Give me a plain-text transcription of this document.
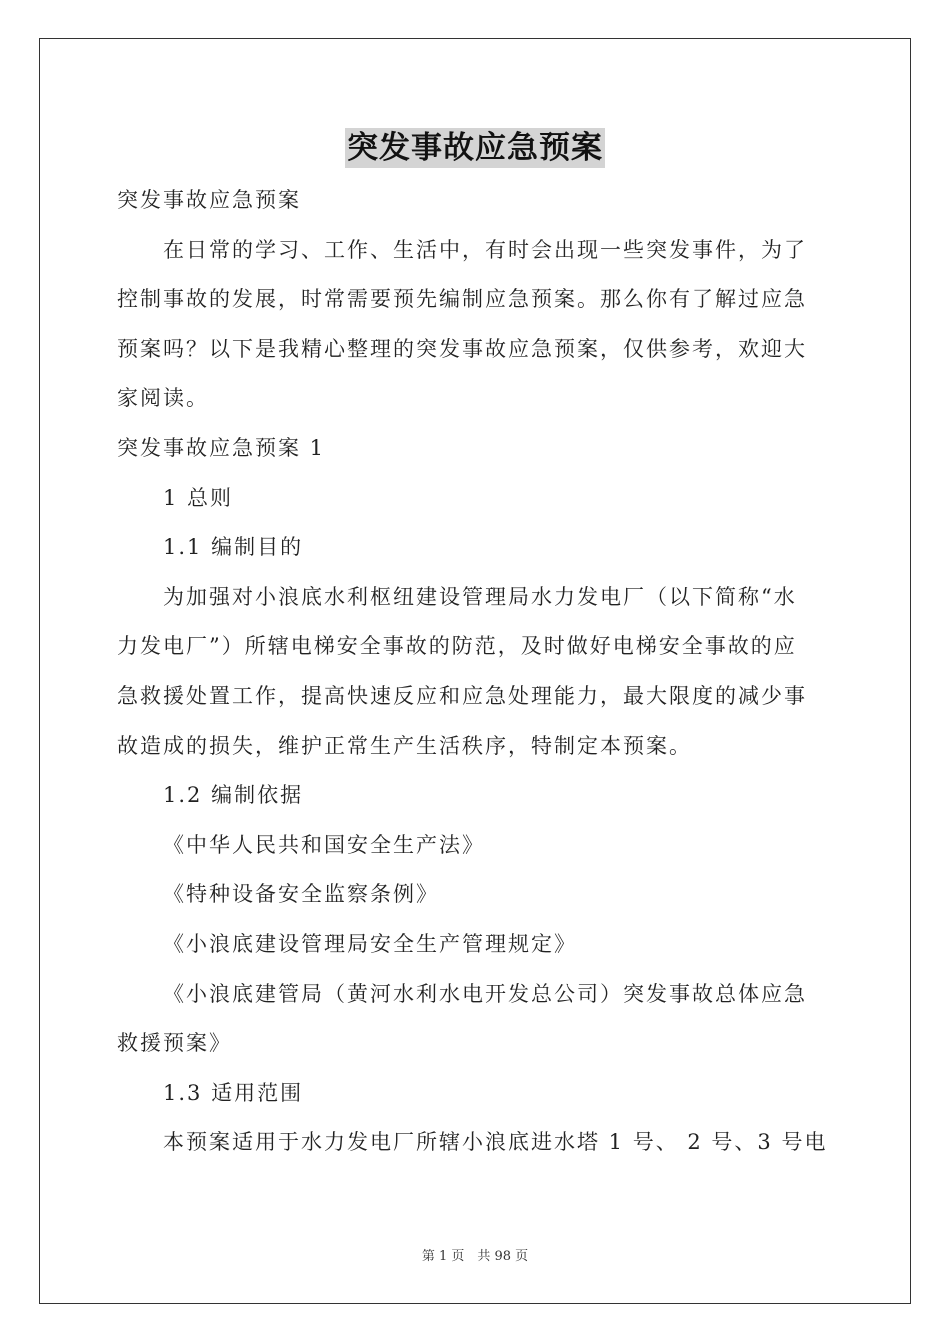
突发事故应急预案
突发事故应急预案
在日常的学习、工作、生活中，有时会出现一些突发事件，为了
控制事故的发展，时常需要预先编制应急预案。那么你有了解过应急
预案吗？以下是我精心整理的突发事故应急预案，仅供参考，欢迎大
家阅读。
突发事故应急预案 1
1 总则
1.1 编制目的
为加强对小浪底水利枢纽建设管理局水力发电厂（以下简称“水
力发电厂”）所辖电梯安全事故的防范，及时做好电梯安全事故的应
急救援处置工作，提高快速反应和应急处理能力，最大限度的减少事
故造成的损失，维护正常生产生活秩序，特制定本预案。
1.2 编制依据
《中华人民共和国安全生产法》
《特种设备安全监察条例》
《小浪底建设管理局安全生产管理规定》
《小浪底建管局（黄河水利水电开发总公司）突发事故总体应急
救援预案》
1.3 适用范围
本预案适用于水力发电厂所辖小浪底进水塔 1 号、 2 号、3 号电
第 1 页　共 98 页
